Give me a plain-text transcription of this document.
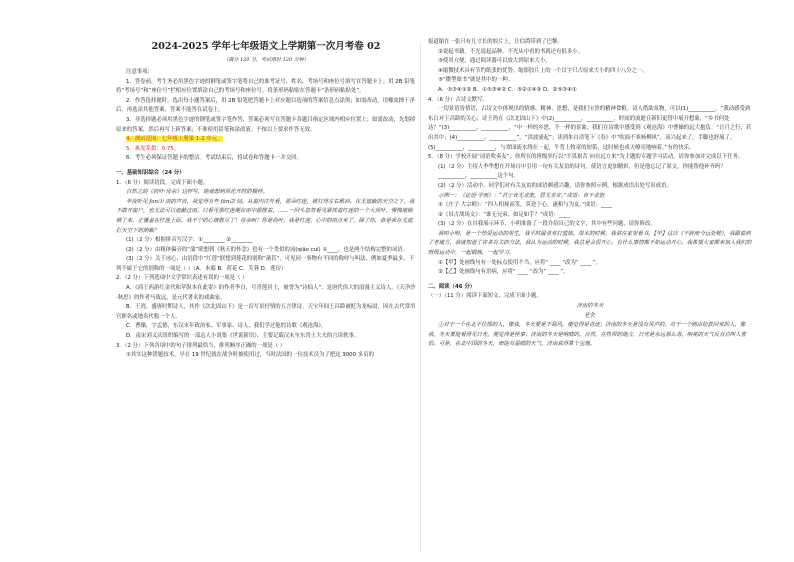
2024-2025 学年七年级语文上学期第一次月考卷 02
（满分 120 分，考试用时 120 分钟）

注意事项:

1．答卷前，考生务必用黑色字迹的钢笔或签字笔将自己的准考证号、姓名、考场号和座位号填写在答题卡上。用 2B 铅笔将“考场号”和“座位号”栏相应位置填涂自己的考场号和座位号。将条形码粘贴在答题卡“条形码粘贴处”。

2．作答选择题时，选出每小题答案后，用 2B 铅笔把答题卡上对应题目选项的答案信息点涂黑；如需改动，用橡皮擦干净后，再选涂其他答案。答案不能答在试卷上。

3．非选择题必须用黑色字迹的钢笔或签字笔作答，答案必须写在答题卡各题目指定区域内相应位置上；如需改动，先划掉原来的答案，然后再写上新答案；不准使用铅笔和涂改液。不按以上要求作答无效。

4．测试范围：七年级上册第 1-2 单元。

5．难度系数：0.75。

6．考生必须保证答题卡的整洁。考试结束后，将试卷和答题卡一并交回。

一、基础知识综合（24 分）

1．（6 分）阅读语段，完成下面小题。

自然之韵《荷叶·母亲》这样写，她就想到荷花开时的模样。

半夜听见 fan⑴ 雨的声音，我觉得有些 fán⑵ 闷。从窗内往外看，那朵红莲，被打得左右歌斜。在无遮蔽的天空之下，我不敢开窗户，也无法可以遮蔽这雨。只看见那红莲便在雨中摇摆着。……一回头忽然看见紧挨着红莲的一个大荷叶，慢慢地倾侧了来，正覆盖在红莲上面。我不宁的心绪散尽了！母亲呵！你是荷叶，我是红莲，心中的雨点来了，除了你，谁是我在无遮拦天空下的荫蔽？

(1)（2 分）根据拼音写汉字：①________ ②________

(2)（2 分）由粗体偏旁的“蒲”联想到《秋天的怀念》也有一个类似的词(qiāo cuì) ①____，也是两个结构完整的词语。

(3)（2 分）关于冰心，由语段中“红莲”联想到莲花的别称“菡萏”，可见同一事物有不同的称呼与叫法。例如夏季最多，下列不属于它的别称的一项是（ ）（A．木蕖 B．荷花 C．芙蓉 D．莲房）

2．（2 分）下列选项中文学常识表述有误的一项是（ ）

A．《商王西游红金代和苹纵本在此寄》的作者李白，号青莲居士，被誉为“诗仙人”，是唐代伟大的浪漫主义诗人。《天净沙·秋思》的作者马致远，是元代著名的戏曲家。

B．王湾，盛唐时期诗人，其作《次北固山下》是一首写景抒情的五言律诗。天宝年间王昌龄被贬为龙标尉，因在古代常用官职名或地名代称一个人。

C．曹操，字孟德，东汉末年政治家、军事家、诗人，我们学过他的诗歌《观沧海》。

D．南宋刘义庆组织编写的一部志人小说集《世说新语》，主要记载汉末至东晋士大夫的言谈轶事。

3．（2 分）下列各项中的句子排列最恰当，排列顺序正确的一项是（ ）

①其实这种错题技术，早在 19 世纪就在战争时被使用过，当时法国的一位技术员为了把这 3000 多页的

报道缩在一张只有几寸长的胶片上，让信鸽带到了巴黎。

②说起书籍，不光说起品种，不光从中看的书就还有很多小。

③使用方便，通过阅读器可以放大到原来大小。

④缩微技术具有节约纸张的优势，缩影胶片上的一个汉字只占原来大小的四十八分之一。

⑤“微型图书”就是其中的一种。

A．⑤③④①② B．①⑤③④② C．⑤②①④③ D．②⑤③④①

4．（6 分）古诗文默写。

一切景语皆情语，古诗文中体现出的情感、精神、思想，是我们宝贵的精神食粮。诗人借助景物，可以(1)__________，“我动感受到东白对王昌龄的关心；诗王湾在《次北固山下》中(2)__________，__________，时间的流逝在新旧更替中展开想象，“乡书何处达？”(3)__________，__________，“中一样的乡思，不一样的景象；我们在诗歌中感受到《观沧海》中曹操的远大抱负：“日月之行，若出其中；(4)__________，__________”，“洪波涌起”；读到朱自清笔下《春》中“吹面不寒杨柳风”，高兴起来了，手脚也舒展了。(5)__________，__________，与翠园流水绕在一起，牛背上牧童的短笛，这时候也成天嘹亮地响着。”有的快乐。

5．（8 分）学校开展“词语吹奏友”，你所在的班级举行以“不畏艰苦 向自远方来”为主题的专题学习活动，请你参加并完成以下任务。

(1)（2 分）主持人李华想在开场白中引用一句有关友谊的诗句，使语言更加精彩，但是他忘记了原文，你能帮他补齐吗？

__________，__________这个句。

(2)（2 分）活动中，同学们对有关友谊的成语颇感兴趣，请你参照示例，根据成语出处写出成语。

示例一：《论语·学而》：“君子食无求饱，居无求安。”成语：食不求饱

①《庄子·大宗师》：“四人相视而笑，莫逆于心，遂相与为友。”成语：____

②《吊古战场文》：“谁无兄弟，如足如手？”成语：____

(3)（2 分）在自我展示环节，小明准备了一段介绍自己的文字，其中有些问题，请你修改。

我叫小明，是一个热爱运动的男生，我平时最喜欢打篮球。周末的时候，我常在家里看书。【甲】这次《不辞而今远处鞋》，我跟着到了老地方，我就知道了许多有关的方法，我认为运动的时候，我总是会很开心，有什么事情都不如运动开心，我希望大家都来加入我们的班级运动中，一起锻炼，一起学习。

①【甲】处画线句有一处标点使用不当，应将“ ____ ”改为“ ____ ”。

②【乙】处画线句有语病，应将“ ____ ”改为“ ____ ”。

二、阅读（46 分）

（一）（11 分）阅读下面短文，完成下面小题。

济南的冬天

老舍

①对于一个在北平住惯的人，像我，冬天要是不刮风，便觉得是奇迹；济南的冬天是没有风声的。对于一个刚由伦敦回来的人，像我，冬天要能看得见日光，便觉得是怪事；济南的冬天是响晴的。自然，在热带的地方，日光是永远那么毒，响亮的天气反有点叫人害怕。可是，在北中国的冬天，而能有温晴的天气，济南真得算个宝地。
